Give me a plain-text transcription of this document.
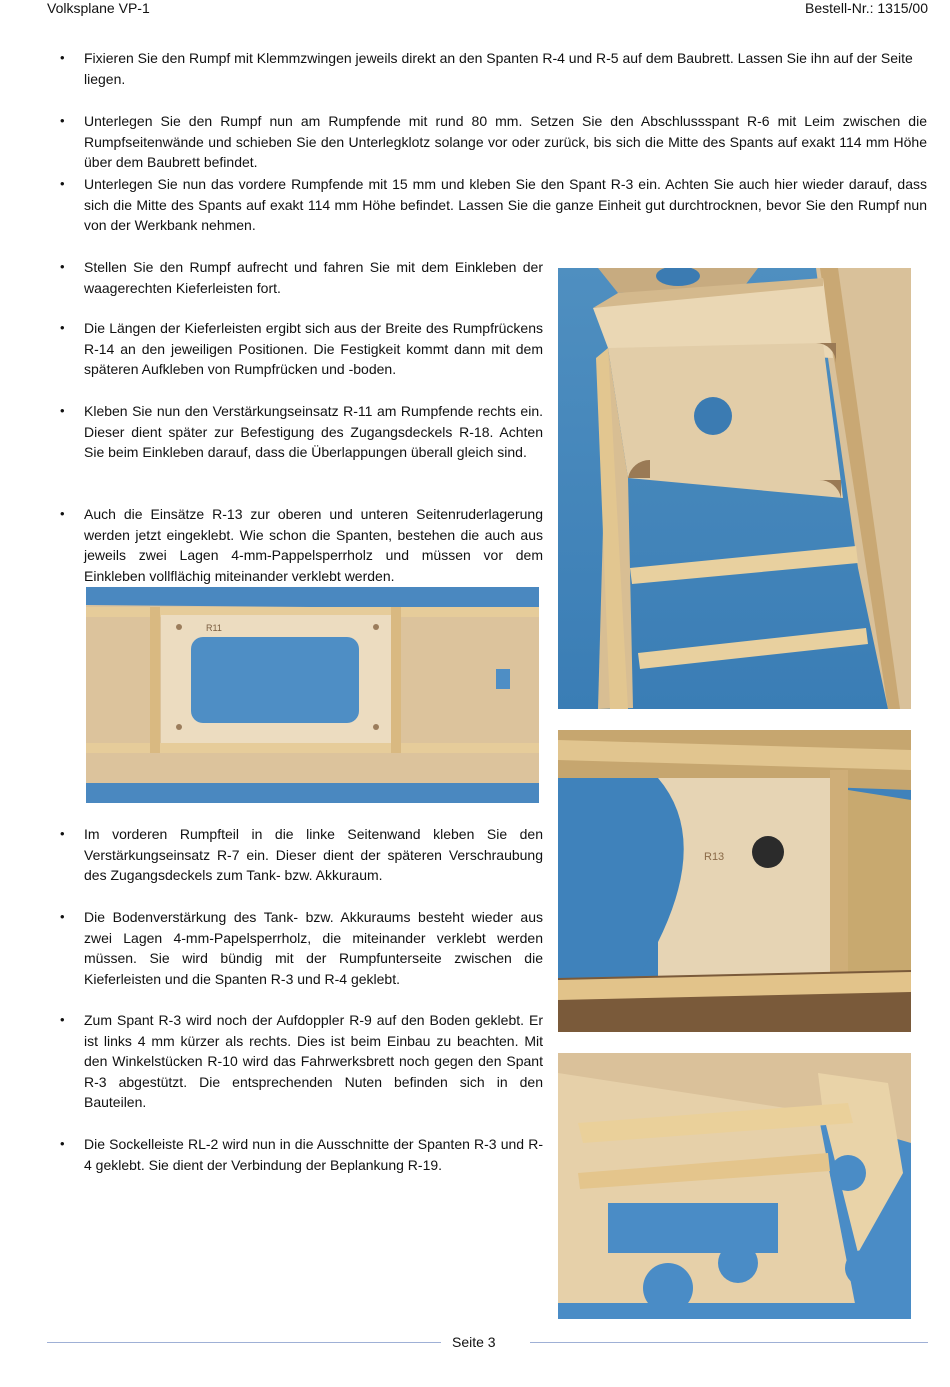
Volksplane VP-1	Bestell-Nr.: 1315/00

• Fixieren Sie den Rumpf mit Klemmzwingen jeweils direkt an den Spanten R-4 und R-5 auf dem Baubrett. Lassen Sie ihn auf der Seite liegen.

• Unterlegen Sie den Rumpf nun am Rumpfende mit rund 80 mm. Setzen Sie den Abschlussspant R-6 mit Leim zwischen die Rumpfseitenwände und schieben Sie den Unterlegklotz solange vor oder zurück, bis sich die Mitte des Spants auf exakt 114 mm Höhe über dem Baubrett befindet.

• Unterlegen Sie nun das vordere Rumpfende mit 15 mm und kleben Sie den Spant R-3 ein. Achten Sie auch hier wieder darauf, dass sich die Mitte des Spants auf exakt 114 mm Höhe befindet. Lassen Sie die ganze Einheit gut durchtrocknen, bevor Sie den Rumpf nun von der Werkbank nehmen.

• Stellen Sie den Rumpf aufrecht und fahren Sie mit dem Einkleben der waagerechten Kieferleisten fort.

• Die Längen der Kieferleisten ergibt sich aus der Breite des Rumpfrückens R-14 an den jeweiligen Positionen. Die Festigkeit kommt dann mit dem späteren Aufkleben von Rumpfrücken und -boden.

• Kleben Sie nun den Verstärkungseinsatz R-11 am Rumpfende rechts ein. Dieser dient später zur Befestigung des Zugangsdeckels R-18. Achten Sie beim Einkleben darauf, dass die Überlappungen überall gleich sind.

• Auch die Einsätze R-13 zur oberen und unteren Seitenruderlagerung werden jetzt eingeklebt. Wie schon die Spanten, bestehen die auch aus jeweils zwei Lagen 4-mm-Pappelsperrholz und müssen vor dem Einkleben vollflächig miteinander verklebt werden.

• Im vorderen Rumpfteil in die linke Seitenwand kleben Sie den Verstärkungseinsatz R-7 ein. Dieser dient der späteren Verschraubung des Zugangsdeckels zum Tank- bzw. Akkuraum.

• Die Bodenverstärkung des Tank- bzw. Akkuraums besteht wieder aus zwei Lagen 4-mm-Papelsperrholz, die miteinander verklebt werden müssen. Sie wird bündig mit der Rumpfunterseite zwischen die Kieferleisten und die Spanten R-3 und R-4 geklebt.

• Zum Spant R-3 wird noch der Aufdoppler R-9 auf den Boden geklebt. Er ist links 4 mm kürzer als rechts. Dies ist beim Einbau zu beachten. Mit den Winkelstücken R-10 wird das Fahrwerksbrett noch gegen den Spant R-3 abgestützt. Die entsprechenden Nuten befinden sich in den Bauteilen.

• Die Sockelleiste RL-2 wird nun in die Ausschnitte der Spanten R-3 und R-4 geklebt. Sie dient der Verbindung der Beplankung R-19.

R11
R13
Seite 3
